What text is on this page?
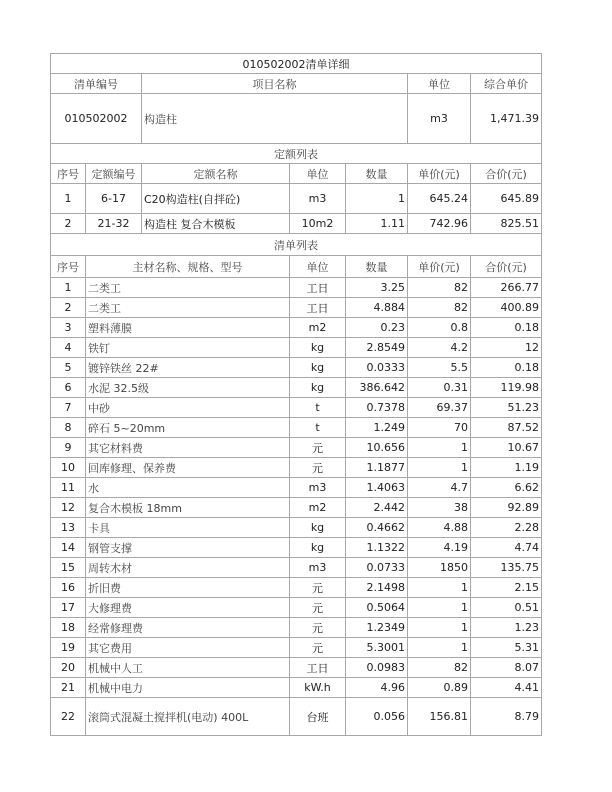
010502002清单详细						
清单编号		项目名称			单位	综合单价
010502002		构造柱			m3	1,471.39
定额列表						
序号	定额编号	定额名称	单位	数量	单价(元)	合价(元)
1	6-17	C20构造柱(自拌砼)	m3	1	645.24	645.89
2	21-32	构造柱 复合木模板	10m2	1.11	742.96	825.51
清单列表						
序号	主材名称、规格、型号		单位	数量	单价(元)	合价(元)
1	二类工		工日	3.25	82	266.77
2	二类工		工日	4.884	82	400.89
3	塑料薄膜		m2	0.23	0.8	0.18
4	铁钉		kg	2.8549	4.2	12
5	镀锌铁丝 22#		kg	0.0333	5.5	0.18
6	水泥 32.5级		kg	386.642	0.31	119.98
7	中砂		t	0.7378	69.37	51.23
8	碎石 5~20mm		t	1.249	70	87.52
9	其它材料费		元	10.656	1	10.67
10	回库修理、保养费		元	1.1877	1	1.19
11	水		m3	1.4063	4.7	6.62
12	复合木模板 18mm		m2	2.442	38	92.89
13	卡具		kg	0.4662	4.88	2.28
14	钢管支撑		kg	1.1322	4.19	4.74
15	周转木材		m3	0.0733	1850	135.75
16	折旧费		元	2.1498	1	2.15
17	大修理费		元	0.5064	1	0.51
18	经常修理费		元	1.2349	1	1.23
19	其它费用		元	5.3001	1	5.31
20	机械中人工		工日	0.0983	82	8.07
21	机械中电力		kW.h	4.96	0.89	4.41
22	滚筒式混凝土搅拌机(电动) 400L		台班	0.056	156.81	8.79
